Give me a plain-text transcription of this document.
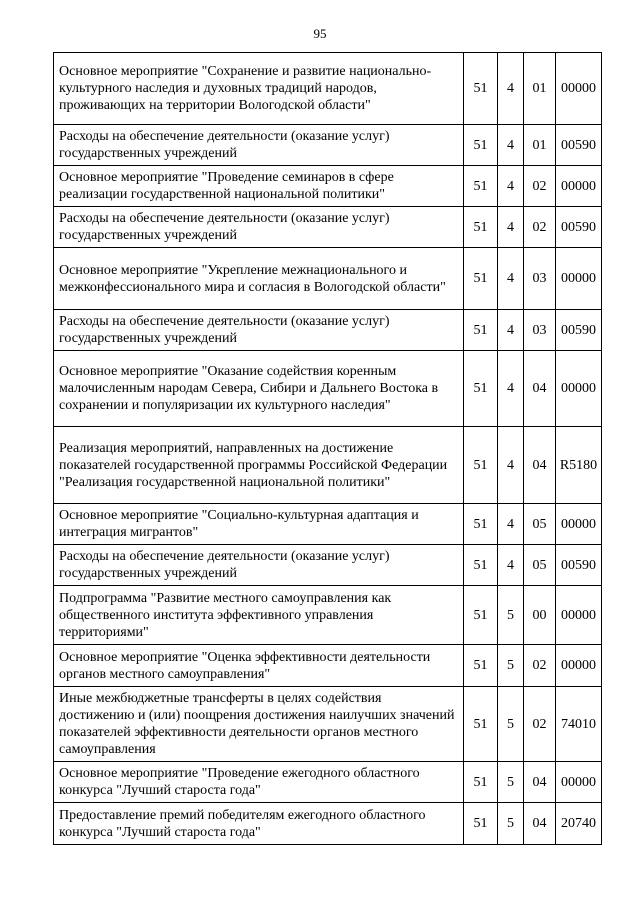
95
Основное мероприятие "Сохранение и развитие национально-культурного наследия и духовных традиций народов, проживающих на территории Вологодской области"	51	4	01	00000
Расходы на обеспечение деятельности (оказание услуг) государственных учреждений	51	4	01	00590
Основное мероприятие "Проведение семинаров в сфере реализации государственной национальной политики"	51	4	02	00000
Расходы на обеспечение деятельности (оказание услуг) государственных учреждений	51	4	02	00590
Основное мероприятие "Укрепление межнационального и межконфессионального мира и согласия в Вологодской области"	51	4	03	00000
Расходы на обеспечение деятельности (оказание услуг) государственных учреждений	51	4	03	00590
Основное мероприятие "Оказание содействия коренным малочисленным народам Севера, Сибири и Дальнего Востока в сохранении и популяризации их культурного наследия"	51	4	04	00000
Реализация мероприятий, направленных на достижение показателей государственной программы Российской Федерации "Реализация государственной национальной политики"	51	4	04	R5180
Основное мероприятие "Социально-культурная адаптация и интеграция мигрантов"	51	4	05	00000
Расходы на обеспечение деятельности (оказание услуг) государственных учреждений	51	4	05	00590
Подпрограмма "Развитие местного самоуправления как общественного института эффективного управления территориями"	51	5	00	00000
Основное мероприятие "Оценка эффективности деятельности органов местного самоуправления"	51	5	02	00000
Иные межбюджетные трансферты в целях содействия достижению и (или) поощрения достижения наилучших значений показателей эффективности деятельности органов местного самоуправления	51	5	02	74010
Основное мероприятие "Проведение ежегодного областного конкурса "Лучший староста года"	51	5	04	00000
Предоставление премий победителям ежегодного областного конкурса "Лучший староста года"	51	5	04	20740
